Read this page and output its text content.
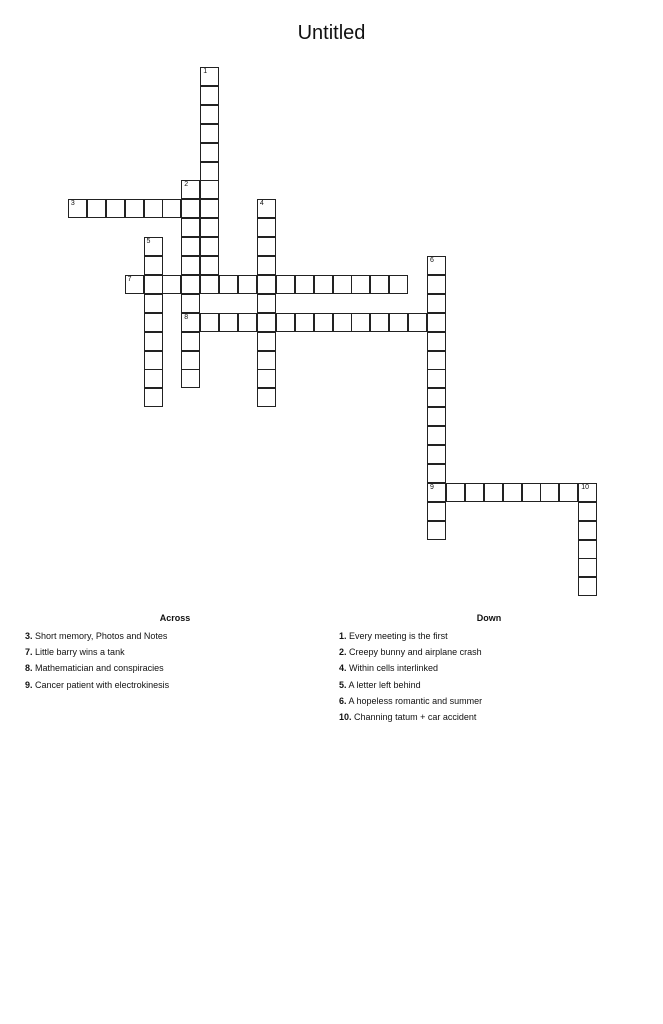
Untitled
1
2
8
3	4
5
6
9
7
10
Across
3. Short memory, Photos and Notes
7. Little barry wins a tank
8. Mathematician and conspiracies
9. Cancer patient with electrokinesis
Down
1. Every meeting is the first
2. Creepy bunny and airplane crash
4. Within cells interlinked
5. A letter left behind
6. A hopeless romantic and summer
10. Channing tatum + car accident
